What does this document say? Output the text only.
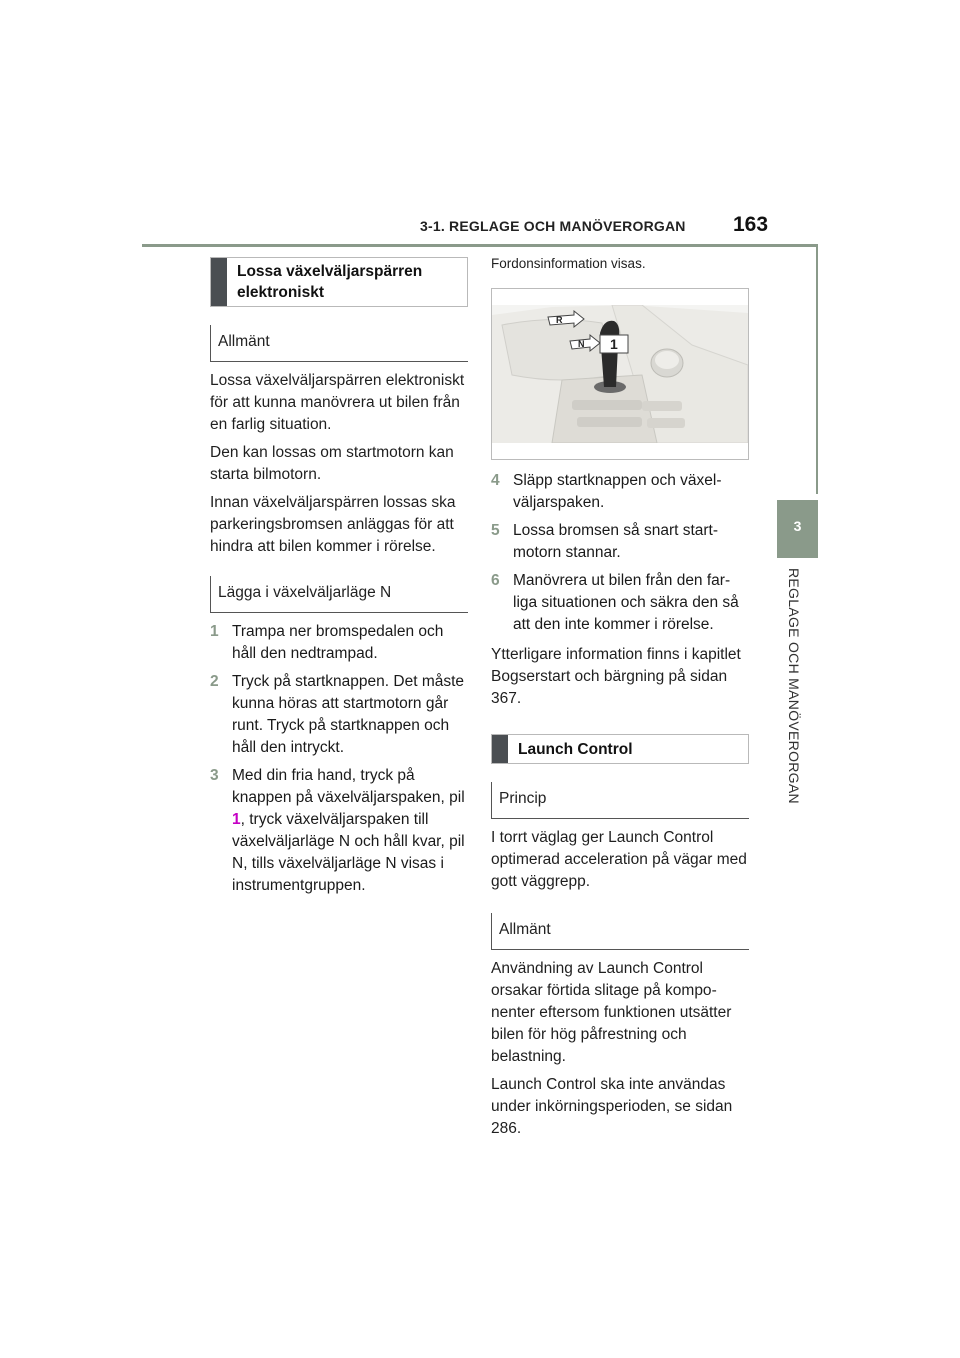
3-1. REGLAGE OCH MANÖVERORGAN 163
3
REGLAGE OCH MANÖVERORGAN
Lossa växelväljarspärren elektroniskt
Allmänt

Lossa växelväljarspärren elektroniskt för att kunna manövrera ut bilen från en farlig situation.

Den kan lossas om startmotorn kan starta bilmotorn.

Innan växelväljarspärren lossas ska parkeringsbromsen anläggas för att hindra att bilen kommer i rörelse.

Lägga i växelväljarläge N
1 Trampa ner bromspedalen och håll den nedtrampad.
2 Tryck på startknappen. Det måste kunna höras att startmotorn går runt. Tryck på startknappen och håll den intryckt.
3 Med din fria hand, tryck på knappen på växelväljarspaken, pil 1, tryck växelväljarspaken till växelväljarläge N och håll kvar, pil N, tills växelväljarläge N visas i instrumentgruppen.

Fordonsinformation visas.

R
N 1
4 Släpp startknappen och växelväljarspaken.
5 Lossa bromsen så snart startmotorn stannar.
6 Manövrera ut bilen från den farliga situationen och säkra den så att den inte kommer i rörelse.

Ytterligare information finns i kapitlet Bogserstart och bärgning på sidan 367.

Launch Control
Princip

I torrt väglag ger Launch Control optimerad acceleration på vägar med gott väggrepp.

Allmänt

Användning av Launch Control orsakar förtida slitage på komponenter eftersom funktionen utsätter bilen för hög påfrestning och belastning.

Launch Control ska inte användas under inkörningsperioden, se sidan 286.
